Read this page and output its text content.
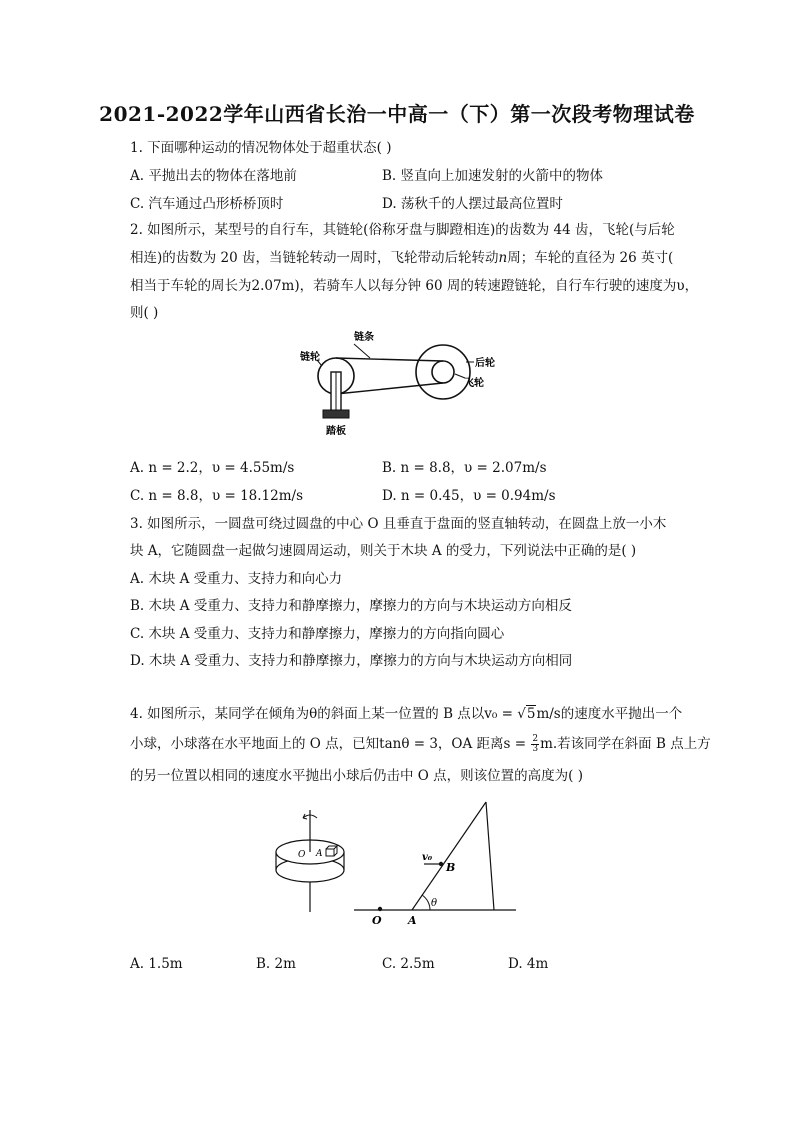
2021-2022学年山西省长治一中高一（下）第一次段考物理试卷
1. 下面哪种运动的情况物体处于超重状态( )
A. 平抛出去的物体在落地前	B. 竖直向上加速发射的火箭中的物体
C. 汽车通过凸形桥桥顶时	D. 荡秋千的人摆过最高位置时
2. 如图所示，某型号的自行车，其链轮(俗称牙盘与脚蹬相连)的齿数为 44 齿，飞轮(与后轮
相连)的齿数为 20 齿，当链轮转动一周时，飞轮带动后轮转动𝑛周；车轮的直径为 26 英寸(
相当于车轮的周长为2.07m)，若骑车人以每分钟 60 周的转速蹬链轮，自行车行驶的速度为υ，
则( )
链条
链轮
后轮
飞轮
踏板
A. n = 2.2，υ = 4.55m/s	B. n = 8.8，υ = 2.07m/s
C. n = 8.8，υ = 18.12m/s	D. n = 0.45，υ = 0.94m/s
3. 如图所示，一圆盘可绕过圆盘的中心 O 且垂直于盘面的竖直轴转动，在圆盘上放一小木
块 A，它随圆盘一起做匀速圆周运动，则关于木块 A 的受力，下列说法中正确的是( )
A. 木块 A 受重力、支持力和向心力
B. 木块 A 受重力、支持力和静摩擦力，摩擦力的方向与木块运动方向相反
C. 木块 A 受重力、支持力和静摩擦力，摩擦力的方向指向圆心
D. 木块 A 受重力、支持力和静摩擦力，摩擦力的方向与木块运动方向相同
4. 如图所示，某同学在倾角为θ的斜面上某一位置的 B 点以v₀ = √5m/s的速度水平抛出一个
小球，小球落在水平地面上的 O 点，已知tanθ = 3，OA 距离$s = \frac{2}{3} m$.若该同学在斜面 B 点上方
的另一位置以相同的速度水平抛出小球后仍击中 O 点，则该位置的高度为( )
O A	v₀
B
θ
O A
A. 1.5m	B. 2m	C. 2.5m	D. 4m
